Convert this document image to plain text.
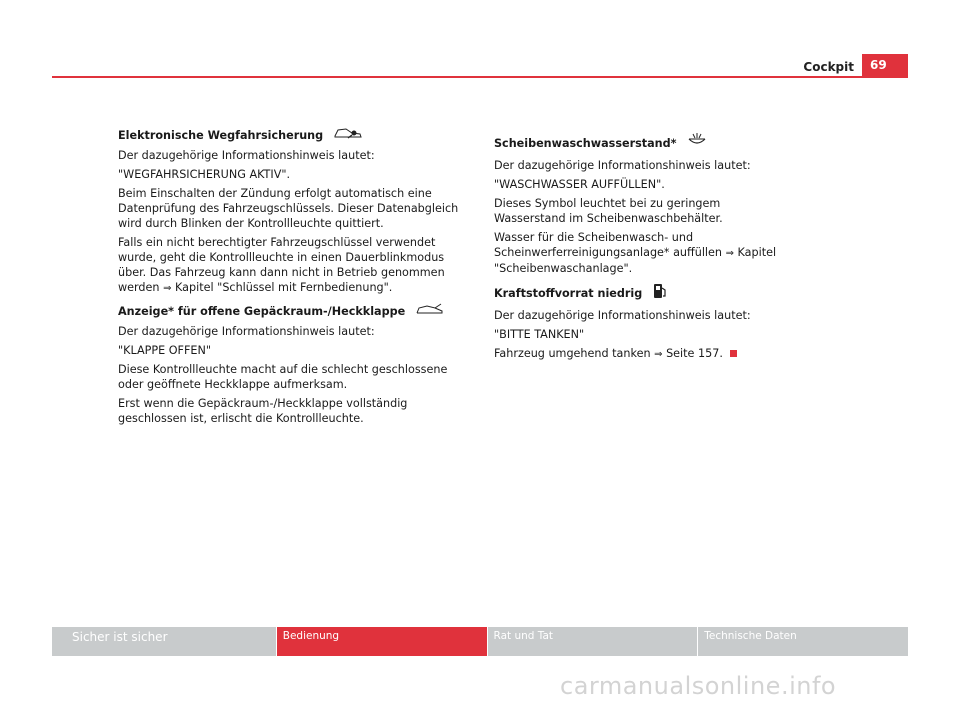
Cockpit	69
Elektronische Wegfahrsicherung

Der dazugehörige Informationshinweis lautet:

"WEGFAHRSICHERUNG AKTIV".

Beim Einschalten der Zündung erfolgt automatisch eine Datenprüfung des Fahrzeugschlüssels. Dieser Datenabgleich wird durch Blinken der Kontrollleuchte quittiert.

Falls ein nicht berechtigter Fahrzeugschlüssel verwendet wurde, geht die Kontrollleuchte in einen Dauerblinkmodus über. Das Fahrzeug kann dann nicht in Betrieb genommen werden ⇒ Kapitel "Schlüssel mit Fernbedienung".

Anzeige* für offene Gepäckraum-/Heckklappe

Der dazugehörige Informationshinweis lautet:

"KLAPPE OFFEN"

Diese Kontrollleuchte macht auf die schlecht geschlossene oder geöffnete Heckklappe aufmerksam.

Erst wenn die Gepäckraum-/Heckklappe vollständig geschlossen ist, erlischt die Kontrollleuchte.

Scheibenwaschwasserstand*

Der dazugehörige Informationshinweis lautet:

"WASCHWASSER AUFFÜLLEN".

Dieses Symbol leuchtet bei zu geringem Wasserstand im Scheibenwaschbehälter.

Wasser für die Scheibenwasch- und Scheinwerferreinigungsanlage* auffüllen ⇒ Kapitel "Scheibenwaschanlage".

Kraftstoffvorrat niedrig

Der dazugehörige Informationshinweis lautet:

"BITTE TANKEN"

Fahrzeug umgehend tanken ⇒ Seite 157.

Sicher ist sicher	Bedienung	Rat und Tat	Technische Daten
carmanualsonline.info
